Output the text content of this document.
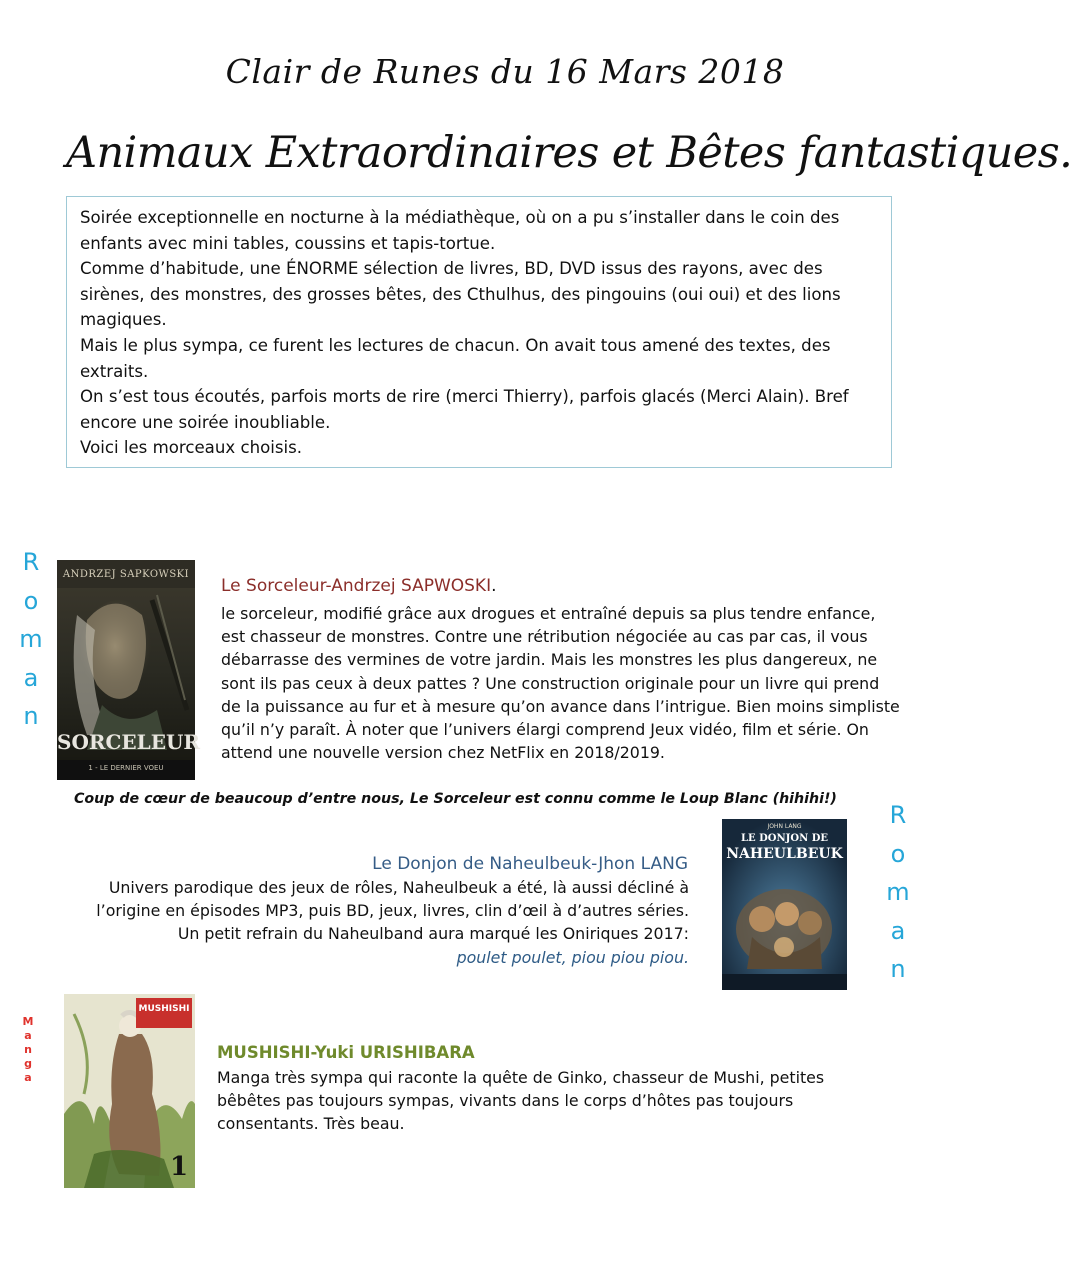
Clair de Runes du 16 Mars 2018
Animaux Extraordinaires et Bêtes fantastiques.
Soirée exceptionnelle en nocturne à la médiathèque, où on a pu s’installer dans le coin des
enfants avec mini tables, coussins et tapis-tortue.
Comme d’habitude, une ÉNORME sélection de livres, BD, DVD issus des rayons, avec des
sirènes, des monstres, des grosses bêtes, des Cthulhus, des pingouins (oui oui) et des lions
magiques.
Mais le plus sympa, ce furent les lectures de chacun. On avait tous amené des textes, des
extraits.
On s’est tous écoutés, parfois morts de rire (merci Thierry), parfois glacés (Merci Alain). Bref
encore une soirée inoubliable.
Voici les morceaux choisis.
R
o
m
a
n
ANDRZEJ SAPKOWSKI
SORCELEUR
1 - LE DERNIER VOEU
Le Sorceleur-Andrzej SAPWOSKI.
le sorceleur, modifié grâce aux drogues et entraîné depuis sa plus tendre enfance,
est chasseur de monstres. Contre une rétribution négociée au cas par cas, il vous
débarrasse des vermines de votre jardin. Mais les monstres les plus dangereux, ne
sont ils pas ceux à deux pattes ? Une construction originale pour un livre qui prend
de la puissance au fur et à mesure qu’on avance dans l’intrigue. Bien moins simpliste
qu’il n’y paraît. À noter que l’univers élargi comprend Jeux vidéo, film et série. On
attend une nouvelle version chez NetFlix en 2018/2019.
Coup de cœur de beaucoup d’entre nous, Le Sorceleur est connu comme le Loup Blanc (hihihi!)
R
o
m
a
n
JOHN LANG
LE DONJON DE
NAHEULBEUK
Le Donjon de Naheulbeuk-Jhon LANG
Univers parodique des jeux de rôles, Naheulbeuk a été, là aussi décliné à
l’origine en épisodes MP3, puis BD, jeux, livres, clin d’œil à d’autres séries.
Un petit refrain du Naheulband aura marqué les Oniriques 2017:
poulet poulet, piou piou piou.
M
a
n
g
a
MUSHISHI
1
MUSHISHI-Yuki URISHIBARA
Manga très sympa qui raconte la quête de Ginko, chasseur de Mushi, petites
bêbêtes pas toujours sympas, vivants dans le corps d’hôtes pas toujours
consentants. Très beau.
